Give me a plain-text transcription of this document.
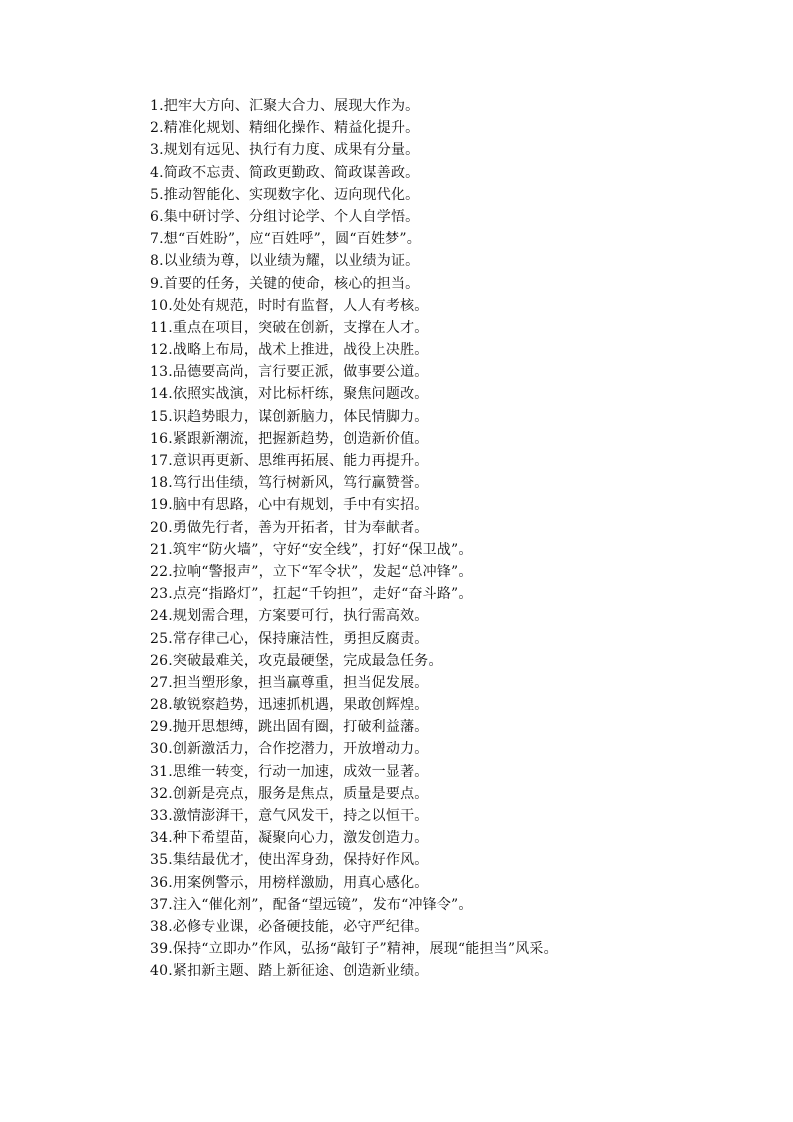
1.把牢大方向、汇聚大合力、展现大作为。
2.精准化规划、精细化操作、精益化提升。
3.规划有远见、执行有力度、成果有分量。
4.简政不忘责、简政更勤政、简政谋善政。
5.推动智能化、实现数字化、迈向现代化。
6.集中研讨学、分组讨论学、个人自学悟。
7.想“百姓盼”，应“百姓呼”，圆“百姓梦”。
8.以业绩为尊，以业绩为耀，以业绩为证。
9.首要的任务，关键的使命，核心的担当。
10.处处有规范，时时有监督，人人有考核。
11.重点在项目，突破在创新，支撑在人才。
12.战略上布局，战术上推进，战役上决胜。
13.品德要高尚，言行要正派，做事要公道。
14.依照实战演，对比标杆练，聚焦问题改。
15.识趋势眼力，谋创新脑力，体民情脚力。
16.紧跟新潮流，把握新趋势，创造新价值。
17.意识再更新、思维再拓展、能力再提升。
18.笃行出佳绩，笃行树新风，笃行赢赞誉。
19.脑中有思路，心中有规划，手中有实招。
20.勇做先行者，善为开拓者，甘为奉献者。
21.筑牢“防火墙”，守好“安全线”，打好“保卫战”。
22.拉响“警报声”，立下“军令状”，发起“总冲锋”。
23.点亮“指路灯”，扛起“千钧担”，走好“奋斗路”。
24.规划需合理，方案要可行，执行需高效。
25.常存律己心，保持廉洁性，勇担反腐责。
26.突破最难关，攻克最硬堡，完成最急任务。
27.担当塑形象，担当赢尊重，担当促发展。
28.敏锐察趋势，迅速抓机遇，果敢创辉煌。
29.抛开思想缚，跳出固有圈，打破利益藩。
30.创新激活力，合作挖潜力，开放增动力。
31.思维一转变，行动一加速，成效一显著。
32.创新是亮点，服务是焦点，质量是要点。
33.激情澎湃干，意气风发干，持之以恒干。
34.种下希望苗，凝聚向心力，激发创造力。
35.集结最优才，使出浑身劲，保持好作风。
36.用案例警示，用榜样激励，用真心感化。
37.注入“催化剂”，配备“望远镜”，发布“冲锋令”。
38.必修专业课，必备硬技能，必守严纪律。
39.保持“立即办”作风，弘扬“敲钉子”精神，展现“能担当”风采。
40.紧扣新主题、踏上新征途、创造新业绩。
